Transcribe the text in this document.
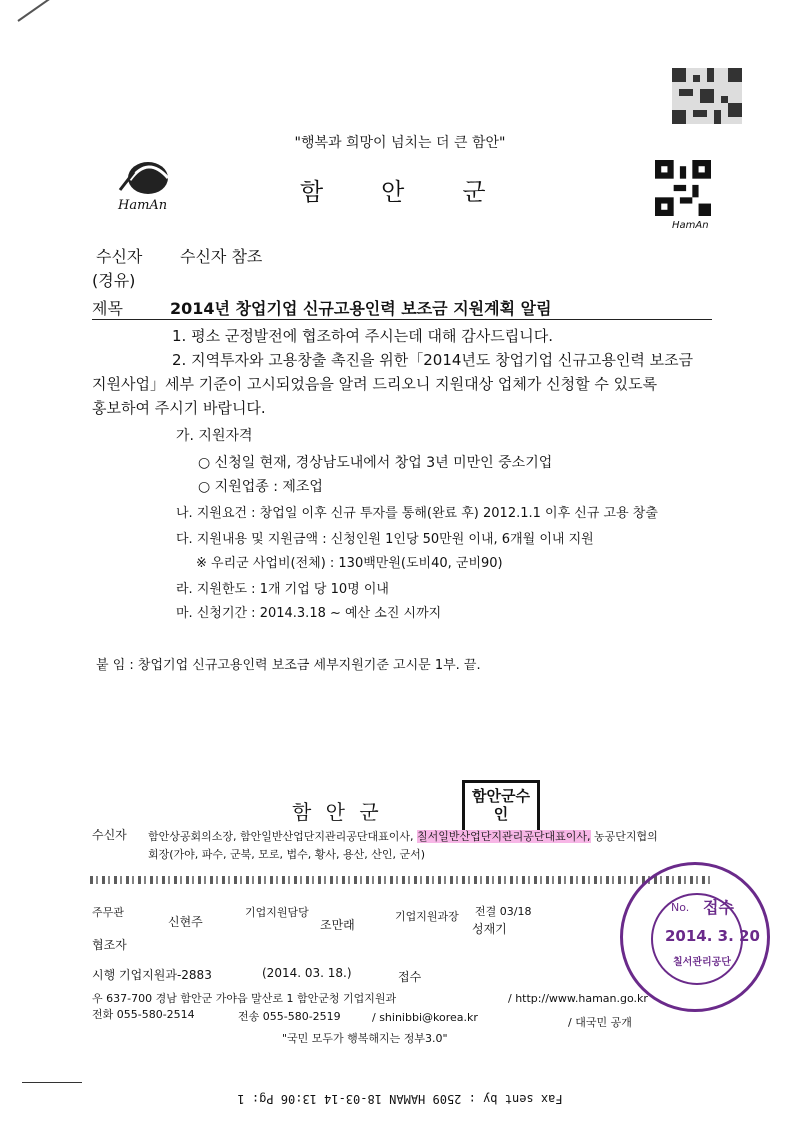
HamAn
"행복과 희망이 넘치는 더 큰 함안"
HamAn	함안군
수신자 수신자 참조
(경유)
제목	2014년 창업기업 신규고용인력 보조금 지원계획 알림
1. 평소 군정발전에 협조하여 주시는데 대해 감사드립니다.
2. 지역투자와 고용창출 촉진을 위한「2014년도 창업기업 신규고용인력 보조금
지원사업」세부 기준이 고시되었음을 알려 드리오니 지원대상 업체가 신청할 수 있도록
홍보하여 주시기 바랍니다.
가. 지원자격
○ 신청일 현재, 경상남도내에서 창업 3년 미만인 중소기업
○ 지원업종 : 제조업
나. 지원요건 : 창업일 이후 신규 투자를 통해(완료 후) 2012.1.1 이후 신규 고용 창출
다. 지원내용 및 지원금액 : 신청인원 1인당 50만원 이내, 6개월 이내 지원
※ 우리군 사업비(전체) : 130백만원(도비40, 군비90)
라. 지원한도 : 1개 기업 당 10명 이내
마. 신청기간 : 2014.3.18 ~ 예산 소진 시까지
붙 임 : 창업기업 신규고용인력 보조금 세부지원기준 고시문 1부. 끝.
함 안 군
함안군수인
수신자 함안상공회의소장, 함안일반산업단지관리공단대표이사, 칠서일반산업단지관리공단대표이사, 농공단지협의
회장(가야, 파수, 군북, 모로, 법수, 황사, 용산, 산인, 군서)
주무관
신현주
기업지원담당
조만래
기업지원과장 전결 03/18
성재기
협조자
시행 기업지원과-2883	(2014. 03. 18.)	접수
우 637-700 경남 함안군 가야읍 말산로 1 함안군청 기업지원과	/ http://www.haman.go.kr
전화 055-580-2514	전송 055-580-2519	/ shinibbi@korea.kr	/ 대국민 공개
"국민 모두가 행복해지는 정부3.0"
No. 접수
2014. 3. 20
칠서관리공단
Fax sent by : 2509 HAMAN 18-03-14 13:06 Pg: 1
